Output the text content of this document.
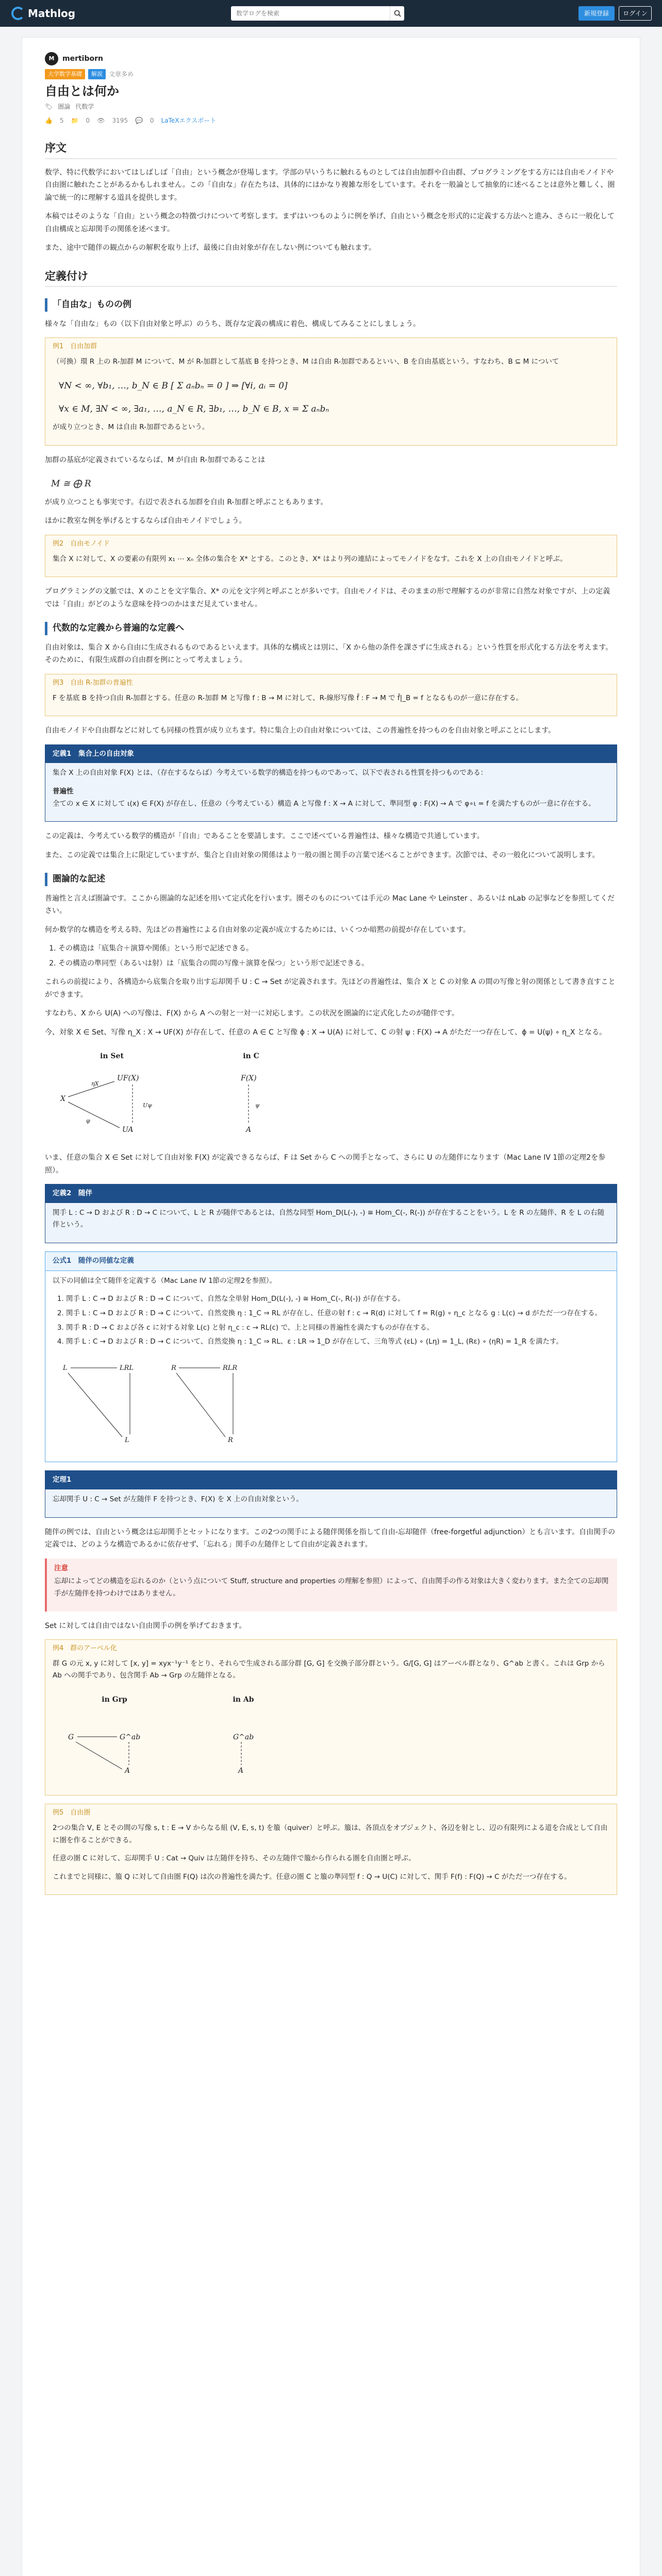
Mathlog
数学ログを検索	新規登録	ログイン
M	mertiborn
大学数学基礎	解説	文章多め
自由とは何か
🏷 圏論 代数学
👍 5 📁 0 👁 3195 💬 0 LaTeXエクスポート
序文

数学、特に代数学においてはしばしば「自由」という概念が登場します。学部の早いうちに触れるものとしては自由加群や自由群、プログラミングをする方には自由モノイドや自由圏に触れたことがあるかもしれません。この「自由な」存在たちは、具体的にはかなり複雑な形をしています。それを一般論として抽象的に述べることは意外と難しく、圏論で統一的に理解する道具を提供します。

本稿ではそのような「自由」という概念の特徴づけについて考察します。まずはいつものように例を挙げ、自由という概念を形式的に定義する方法へと進み、さらに一般化して自由構成と忘却関手の関係を述べます。

また、途中で随伴の観点からの解釈を取り上げ、最後に自由対象が存在しない例についても触れます。

定義付け
「自由な」ものの例

様々な「自由な」もの（以下自由対象と呼ぶ）のうち、既存な定義の構成に着色、構成してみることにしましょう。

例1　自由加群

（可換）環 R 上の R-加群 M について、M が R-加群として基底 B を持つとき、M は自由 R-加群であるといい、B を自由基底という。すなわち、B ⊆ M について

∀N < ∞, ∀b₁, …, b_N ∈ B [ Σ aₙbₙ = 0 ] ⇒ [∀i, aᵢ = 0]
∀x ∈ M, ∃N < ∞, ∃a₁, …, a_N ∈ R, ∃b₁, …, b_N ∈ B, x = Σ aₙbₙ

が成り立つとき、M は自由 R-加群であるという。

加群の基底が定義されているならば、M が自由 R-加群であることは

M ≅ ⨁ R

が成り立つことも事実です。右辺で表される加群を自由 R-加群と呼ぶこともあります。

ほかに教室な例を挙げるとするならば自由モノイドでしょう。

例2　自由モノイド

集合 X に対して、X の要素の有限列 x₁ ⋯ xₙ 全体の集合を X* とする。このとき、X* はより列の連結によってモノイドをなす。これを X 上の自由モノイドと呼ぶ。

プログラミングの文脈では、X のことを文字集合、X* の元を文字列と呼ぶことが多いです。自由モノイドは、そのままの形で理解するのが非常に自然な対象ですが、上の定義では「自由」がどのような意味を持つのかはまだ見えていません。

代数的な定義から普遍的な定義へ

自由対象は、集合 X から自由に生成されるものであるといえます。具体的な構成とは別に、「X から他の条件を課さずに生成される」という性質を形式化する方法を考えます。そのために、有限生成群の自由群を例にとって考えましょう。

例3　自由 R-加群の普遍性

F を基底 B を持つ自由 R-加群とする。任意の R-加群 M と写像 f : B → M に対して、R-線形写像 f̄ : F → M で f̄|_B = f となるものが一意に存在する。

自由モノイドや自由群などに対しても同様の性質が成り立ちます。特に集合上の自由対象については、この普遍性を持つものを自由対象と呼ぶことにします。

定義1　集合上の自由対象

集合 X 上の自由対象 F(X) とは、（存在するならば）今考えている数学的構造を持つものであって、以下で表される性質を持つものである：

普遍性

全ての x ∈ X に対して ι(x) ∈ F(X) が存在し、任意の（今考えている）構造 A と写像 f : X → A に対して、準同型 φ : F(X) → A で φ∘ι = f を満たすものが一意に存在する。

この定義は、今考えている数学的構造が「自由」であることを要請します。ここで述べている普遍性は、様々な構造で共通しています。

また、この定義では集合上に限定していますが、集合と自由対象の関係はより一般の圏と関手の言葉で述べることができます。次節では、その一般化について説明します。

圏論的な記述

普遍性と言えば圏論です。ここから圏論的な記述を用いて定式化を行います。圏そのものについては手元の Mac Lane や Leinster 、あるいは nLab の記事などを参照してください。

何か数学的な構造を考える時、先ほどの普遍性による自由対象の定義が成立するためには、いくつか暗黙の前提が存在しています。

1. その構造は「底集合＋演算や関係」という形で記述できる。
2. その構造の準同型（あるいは射）は「底集合の間の写像＋演算を保つ」という形で記述できる。

これらの前提により、各構造から底集合を取り出す忘却関手 U : C → Set が定義されます。先ほどの普遍性は、集合 X と C の対象 A の間の写像と射の関係として書き直すことができます。

すなわち、X から U(A) への写像は、F(X) から A への射と一対一に対応します。この状況を圏論的に定式化したのが随伴です。

今、対象 X ∈ Set、写像 η_X : X → UF(X) が存在して、任意の A ∈ C と写像 ϕ : X → U(A) に対して、C の射 ψ : F(X) → A がただ一つ存在して、ϕ = U(ψ) ∘ η_X となる。

in Set
X
UF(X)
UA
ηX
Uψ
φ
in C
F(X)
A
ψ

いま、任意の集合 X ∈ Set に対して自由対象 F(X) が定義できるならば、F は Set から C への関手となって、さらに U の左随伴になります（Mac Lane IV 1節の定理2を参照）。

定義2　随伴

関手 L : C → D および R : D → C について、L と R が随伴であるとは、自然な同型 Hom_D(L(-), -) ≅ Hom_C(-, R(-)) が存在することをいう。L を R の左随伴、R を L の右随伴という。

公式1　随伴の同値な定義

以下の同値は全て随伴を定義する（Mac Lane IV 1節の定理2を参照）。

1. 関手 L : C → D および R : D → C について、自然な全単射 Hom_D(L(-), -) ≅ Hom_C(-, R(-)) が存在する。
2. 関手 L : C → D および R : D → C について、自然変換 η : 1_C ⇒ RL が存在し、任意の射 f : c → R(d) に対して f = R(g) ∘ η_c となる g : L(c) → d がただ一つ存在する。
3. 関手 R : D → C および各 c に対する対象 L(c) と射 η_c : c → RL(c) で、上と同様の普遍性を満たすものが存在する。
4. 関手 L : C → D および R : D → C について、自然変換 η : 1_C ⇒ RL、ε : LR ⇒ 1_D が存在して、三角等式 (εL) ∘ (Lη) = 1_L, (Rε) ∘ (ηR) = 1_R を満たす。
L	LRL
L
R	RLR
R
定理1

忘却関手 U : C → Set が左随伴 F を持つとき、F(X) を X 上の自由対象という。

随伴の例では、自由という概念は忘却関手とセットになります。この2つの関手による随伴関係を指して自由-忘却随伴（free-forgetful adjunction）とも言います。自由関手の定義では、どのような構造であるかに依存せず、「忘れる」関手の左随伴として自由が定義されます。

注意

忘却によってどの構造を忘れるのか（という点について Stuff, structure and properties の理解を参照）によって、自由関手の作る対象は大きく変わります。また全ての忘却関手が左随伴を持つわけではありません。

Set に対しては自由ではない自由関手の例を挙げておきます。

例4　群のアーベル化

群 G の元 x, y に対して [x, y] = xyx⁻¹y⁻¹ をとり、それらで生成される部分群 [G, G] を交換子部分群という。G/[G, G] はアーベル群となり、G^ab と書く。これは Grp から Ab への関手であり、包含関手 Ab → Grp の左随伴となる。

in Grp
G	G^ab
A
in Ab
G^ab
A
例5　自由圏

2つの集合 V, E とその間の写像 s, t : E → V からなる組 (V, E, s, t) を箙（quiver）と呼ぶ。箙は、各頂点をオブジェクト、各辺を射とし、辺の有限列による道を合成として自由に圏を作ることができる。

任意の圏 C に対して、忘却関手 U : Cat → Quiv は左随伴を持ち、その左随伴で箙から作られる圏を自由圏と呼ぶ。

これまでと同様に、箙 Q に対して自由圏 F(Q) は次の普遍性を満たす。任意の圏 C と箙の準同型 f : Q → U(C) に対して、関手 F(f) : F(Q) → C がただ一つ存在する。
